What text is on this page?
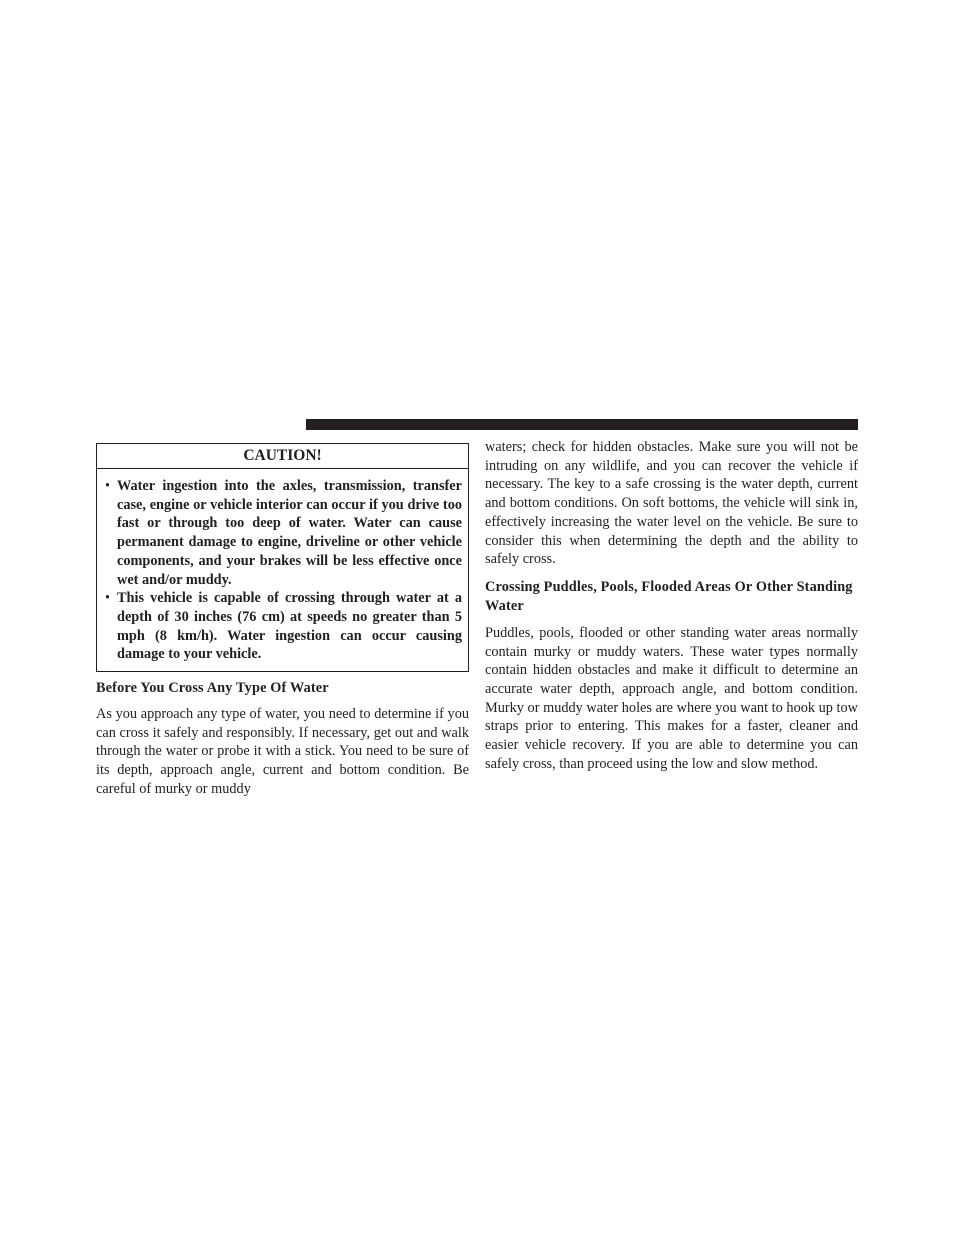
CAUTION!
• Water ingestion into the axles, transmission, transfer case, engine or vehicle interior can occur if you drive too fast or through too deep of water. Water can cause permanent damage to engine, driveline or other vehicle components, and your brakes will be less effective once wet and/or muddy.
• This vehicle is capable of crossing through water at a depth of 30 inches (76 cm) at speeds no greater than 5 mph (8 km/h). Water ingestion can occur causing damage to your vehicle.
Before You Cross Any Type Of Water

As you approach any type of water, you need to determine if you can cross it safely and responsibly. If necessary, get out and walk through the water or probe it with a stick. You need to be sure of its depth, approach angle, current and bottom condition. Be careful of murky or muddy

waters; check for hidden obstacles. Make sure you will not be intruding on any wildlife, and you can recover the vehicle if necessary. The key to a safe crossing is the water depth, current and bottom conditions. On soft bottoms, the vehicle will sink in, effectively increasing the water level on the vehicle. Be sure to consider this when determining the depth and the ability to safely cross.

Crossing Puddles, Pools, Flooded Areas Or Other Standing Water

Puddles, pools, flooded or other standing water areas normally contain murky or muddy waters. These water types normally contain hidden obstacles and make it difficult to determine an accurate water depth, approach angle, and bottom condition. Murky or muddy water holes are where you want to hook up tow straps prior to entering. This makes for a faster, cleaner and easier vehicle recovery. If you are able to determine you can safely cross, than proceed using the low and slow method.
